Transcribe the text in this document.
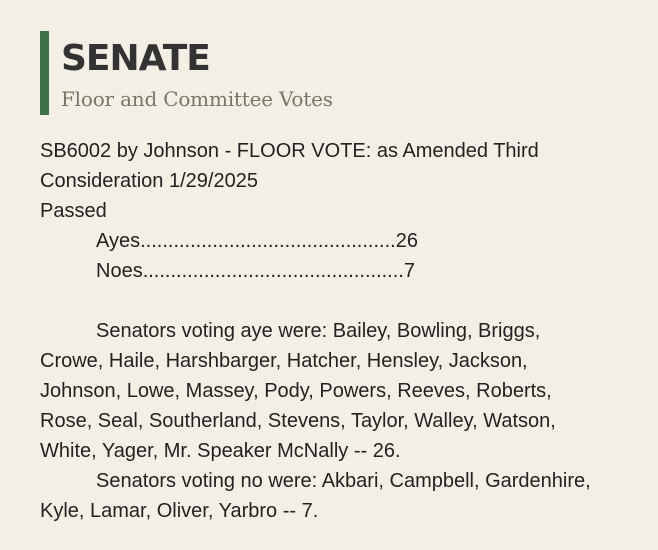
SENATE
Floor and Committee Votes
SB6002 by Johnson - FLOOR VOTE: as Amended Third
Consideration 1/29/2025
Passed
Ayes..............................................26
Noes...............................................7
Senators voting aye were: Bailey, Bowling, Briggs, Crowe, Haile, Harshbarger, Hatcher, Hensley, Jackson, Johnson, Lowe, Massey, Pody, Powers, Reeves, Roberts, Rose, Seal, Southerland, Stevens, Taylor, Walley, Watson, White, Yager, Mr. Speaker McNally -- 26.
Senators voting no were: Akbari, Campbell, Gardenhire, Kyle, Lamar, Oliver, Yarbro -- 7.
